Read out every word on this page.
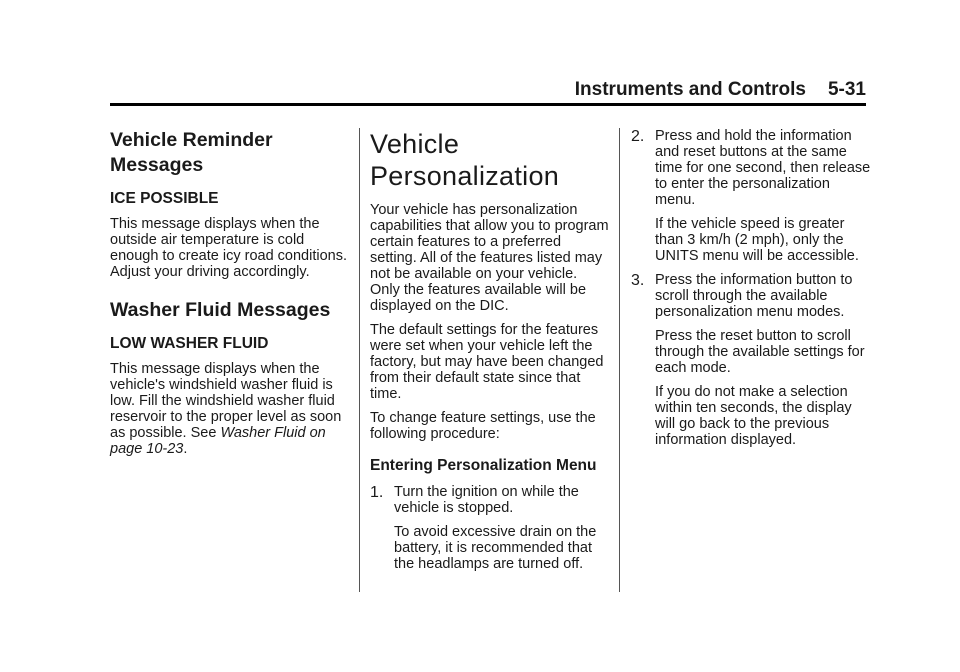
Instruments and Controls 5-31
Vehicle Reminder Messages
ICE POSSIBLE

This message displays when the outside air temperature is cold enough to create icy road conditions. Adjust your driving accordingly.

Washer Fluid Messages
LOW WASHER FLUID

This message displays when the vehicle's windshield washer fluid is low. Fill the windshield washer fluid reservoir to the proper level as soon as possible. See Washer Fluid on page 10-23.

Vehicle Personalization

Your vehicle has personalization capabilities that allow you to program certain features to a preferred setting. All of the features listed may not be available on your vehicle. Only the features available will be displayed on the DIC.

The default settings for the features were set when your vehicle left the factory, but may have been changed from their default state since that time.

To change feature settings, use the following procedure:

Entering Personalization Menu
1. Turn the ignition on while the vehicle is stopped.

To avoid excessive drain on the battery, it is recommended that the headlamps are turned off.

2. Press and hold the information and reset buttons at the same time for one second, then release to enter the personalization menu.

If the vehicle speed is greater than 3 km/h (2 mph), only the UNITS menu will be accessible.

3. Press the information button to scroll through the available personalization menu modes.

Press the reset button to scroll through the available settings for each mode.

If you do not make a selection within ten seconds, the display will go back to the previous information displayed.
